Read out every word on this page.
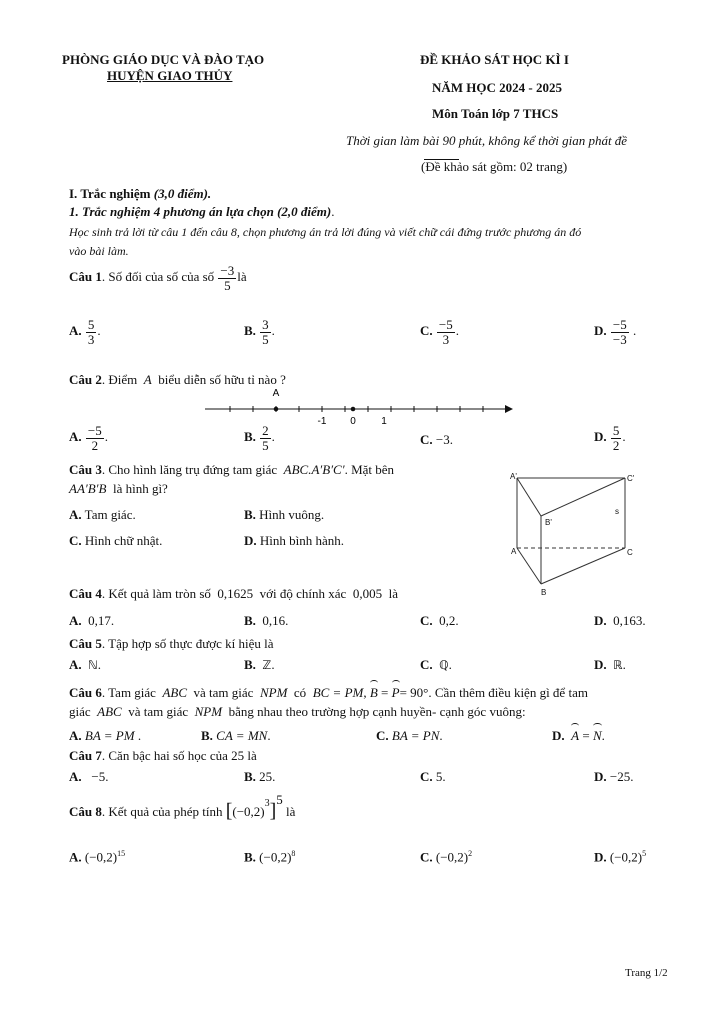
PHÒNG GIÁO DỤC VÀ ĐÀO TẠO
HUYỆN GIAO THỦY
ĐỀ KHẢO SÁT HỌC KÌ I
NĂM HỌC 2024 - 2025
Môn Toán lớp 7 THCS
Thời gian làm bài 90 phút, không kể thời gian phát đề
(Đề khảo sát gồm: 02 trang)
I. Trắc nghiệm (3,0 điểm).
1. Trắc nghiệm 4 phương án lựa chọn (2,0 điểm).
Học sinh trả lời từ câu 1 đến câu 8, chọn phương án trả lời đúng và viết chữ cái đứng trước phương án đó
vào bài làm.
Câu 1. Số đối của số của số $\frac{-3}{5}$ là
A. $\frac{5}{3}$ .	B. $\frac{3}{5}$ .	C. $\frac{-5}{3}$ .	D. $\frac{-5}{-3}$ .
Câu 2. Điểm A biểu diễn số hữu tỉ nào ?
A
-1 0	1
A. $\frac{-5}{2}$ .	B. $\frac{2}{5}$ .	C. −3.	D. $\frac{5}{2}$ .
Câu 3. Cho hình lăng trụ đứng tam giác ABC.A′B′C′. Mặt bên
AA′B′B là hình gì?
A. Tam giác.	B. Hình vuông.
C. Hình chữ nhật.	D. Hình bình hành.
A'	C'
B'
s
A	C
B
Câu 4. Kết quả làm tròn số 0,1625 với độ chính xác 0,005 là
A. 0,17.	B. 0,16.	C. 0,2.	D. 0,163.
Câu 5. Tập hợp số thực được kí hiệu là
A. ℕ.	B. ℤ.	C. ℚ.	D. ℝ.
Câu 6. Tam giác ABC và tam giác NPM có BC = PM, B = P= 90°. Cần thêm điều kiện gì để tam
giác ABC và tam giác NPM bằng nhau theo trường hợp cạnh huyền- cạnh góc vuông:
A. BA = PM .	B. CA = MN.	C. BA = PN.	D. A = N.
Câu 7. Căn bậc hai số học của 25 là
A. −5.	B. 25.	C. 5.	D. −25.
Câu 8 . Kết quả của phép tính
[ (−0,2) 3 ]
5

là
A. $(-0,2)^{15}$	B. $(-0,2)^8$	C. $(-0,2)^2$	D. $(-0,2)^5$
Trang 1/2
